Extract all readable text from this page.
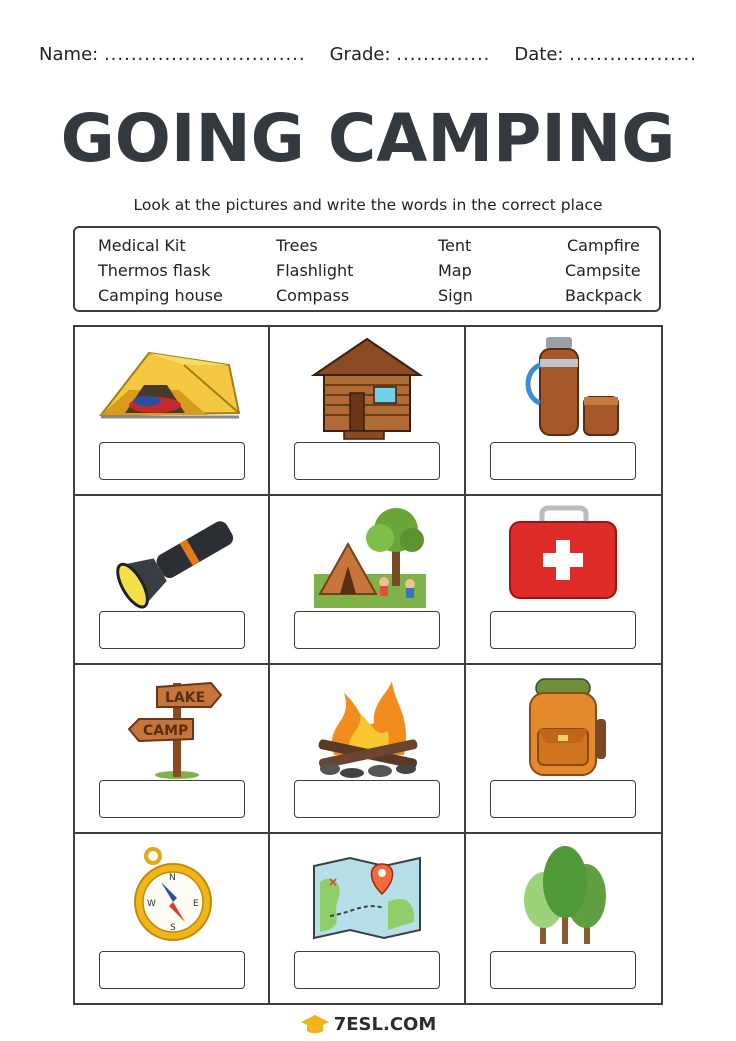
Name: .............................. Grade: .............. Date: ...................
GOING CAMPING
Look at the pictures and write the words in the correct place
Medical Kit	Trees	Tent	Campfire
Thermos flask	Flashlight	Map	Campsite
Camping house	Compass	Sign	Backpack
LAKE
CAMP
N
E
S
W
×
7ESL.COM
